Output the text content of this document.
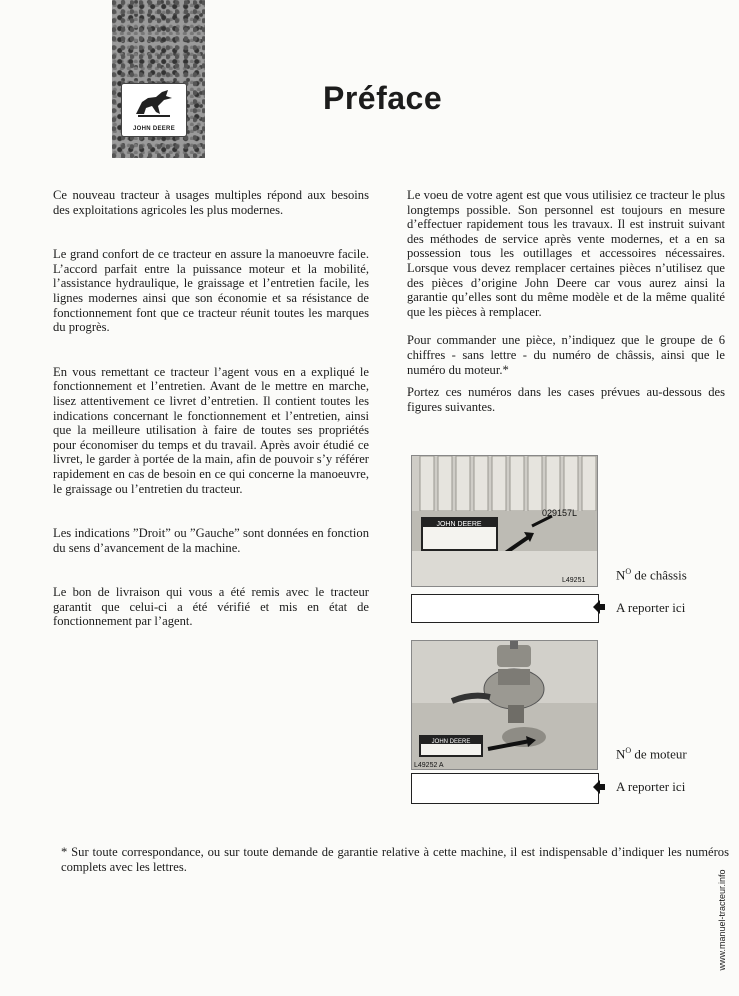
JOHN DEERE
Préface

Ce nouveau tracteur à usages multiples répond aux besoins des exploitations agricoles les plus modernes.

Le grand confort de ce tracteur en assure la manoeuvre facile. L’accord parfait entre la puissance moteur et la mobilité, l’assistance hydraulique, le graissage et l’entretien facile, les lignes modernes ainsi que son économie et sa résistance de fonctionnement font que ce tracteur réunit toutes les marques du progrès.

En vous remettant ce tracteur l’agent vous en a expliqué le fonctionnement et l’entretien. Avant de le mettre en marche, lisez attentivement ce livret d’entretien. Il contient toutes les indications concernant le fonctionnement et l’entretien, ainsi que la meilleure utilisation à faire de toutes ses propriétés pour économiser du temps et du travail. Après avoir étudié ce livret, le garder à portée de la main, afin de pouvoir s’y référer rapidement en cas de besoin en ce qui concerne la manoeuvre, le graissage ou l’entretien du tracteur.

Les indications ”Droit” ou ”Gauche” sont données en fonction du sens d’avancement de la machine.

Le bon de livraison qui vous a été remis avec le tracteur garantit que celui-ci a été vérifié et mis en état de fonctionnement par l’agent.

Le voeu de votre agent est que vous utilisiez ce tracteur le plus longtemps possible. Son personnel est toujours en mesure d’effectuer rapidement tous les travaux. Il est instruit suivant des méthodes de service après vente modernes, et a en sa possession tous les outillages et accessoires nécessaires. Lorsque vous devez remplacer certaines pièces n’utilisez que des pièces d’origine John Deere car vous aurez ainsi la garantie qu’elles sont du même modèle et de la même qualité que les pièces à remplacer.

Pour commander une pièce, n’indiquez que le groupe de 6 chiffres - sans lettre - du numéro de châssis, ainsi que le numéro du moteur.*

Portez ces numéros dans les cases prévues au-dessous des figures suivantes.

JOHN DEERE
029157L
L49251 $N^O$ de châssis
A reporter ici
JOHN DEERE
L49252 A
$N^O$ de moteur
A reporter ici
* Sur toute correspondance, ou sur toute demande de garantie relative à cette machine, il est indispensable d’indiquer les numéros complets avec les lettres.
www.manuel-tracteur.info
